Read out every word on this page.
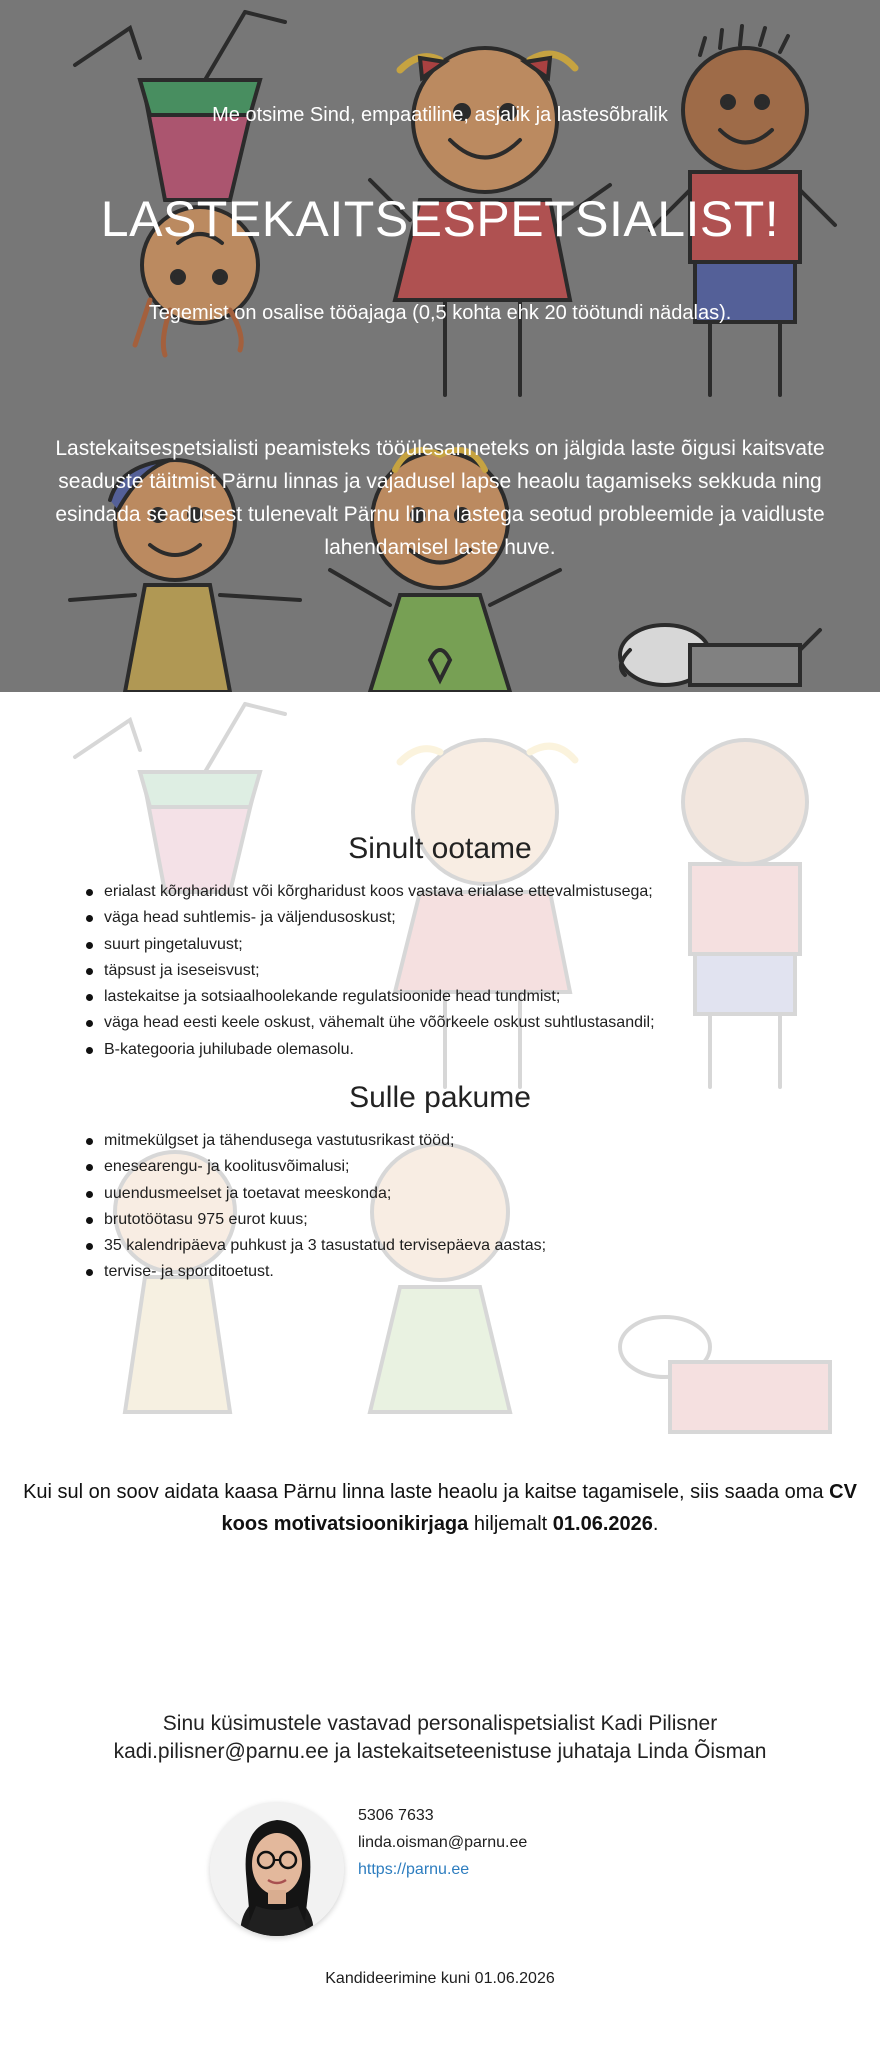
Me otsime Sind, empaatiline, asjalik ja lastesõbralik

LASTEKAITSESPETSIALIST!

Tegemist on osalise tööajaga (0,5 kohta ehk 20 töötundi nädalas).

Lastekaitsespetsialisti peamisteks tööülesanneteks on jälgida laste õigusi kaitsvate seaduste täitmist Pärnu linnas ja vajadusel lapse heaolu tagamiseks sekkuda ning esindada seadusest tulenevalt Pärnu linna lastega seotud probleemide ja vaidluste lahendamisel laste huve.

Sinult ootame
erialast kõrgharidust või kõrgharidust koos vastava erialase ettevalmistusega;
väga head suhtlemis- ja väljendusoskust;
suurt pingetaluvust;
täpsust ja iseseisvust;
lastekaitse ja sotsiaalhoolekande regulatsioonide head tundmist;
väga head eesti keele oskust, vähemalt ühe võõrkeele oskust suhtlustasandil;
B-kategooria juhilubade olemasolu.
Sulle pakume
mitmekülgset ja tähendusega vastutusrikast tööd;
enesearengu- ja koolitusvõimalusi;
uuendusmeelset ja toetavat meeskonda;
brutotöötasu 975 eurot kuus;
35 kalendripäeva puhkust ja 3 tasustatud tervisepäeva aastas;
tervise- ja sporditoetust.

Kui sul on soov aidata kaasa Pärnu linna laste heaolu ja kaitse tagamisele, siis saada oma CV koos motivatsioonikirjaga hiljemalt 01.06.2026.

Sinu küsimustele vastavad personalispetsialist Kadi Pilisner
kadi.pilisner@parnu.ee ja lastekaitseteenistuse juhataja Linda Õisman
5306 7633
linda.oisman@parnu.ee
https://parnu.ee

Kandideerimine kuni 01.06.2026
